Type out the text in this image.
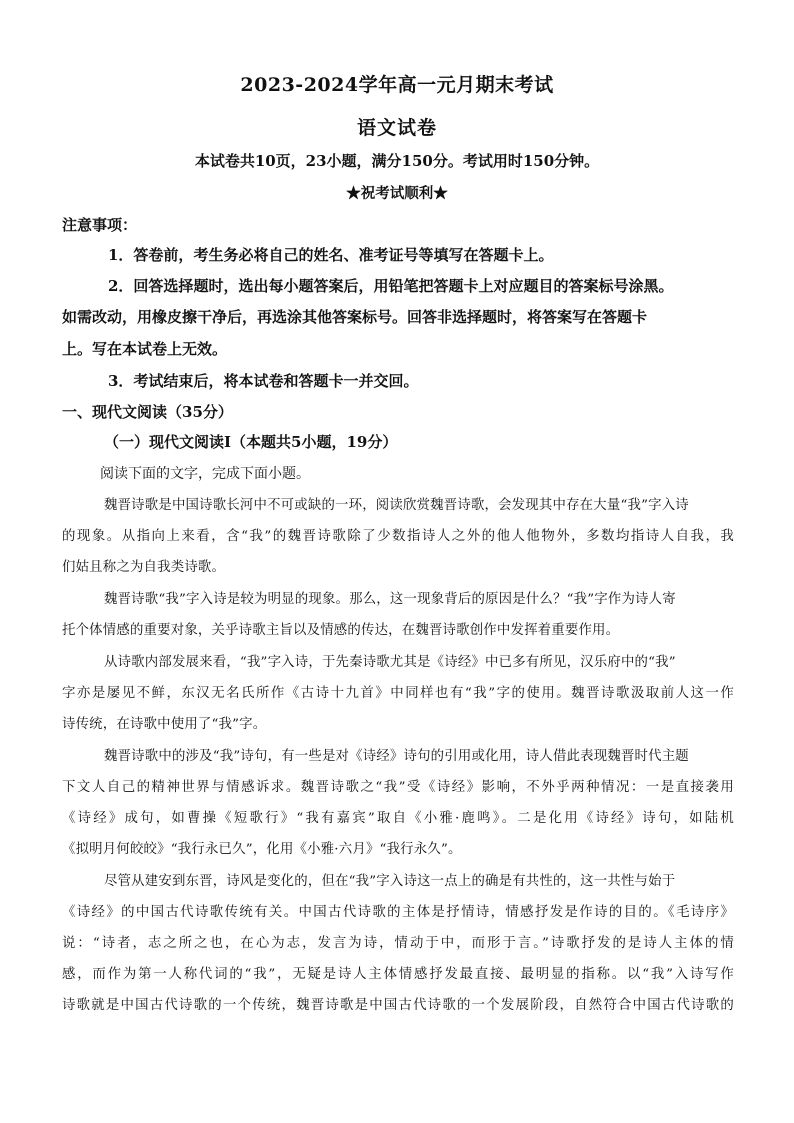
2023-2024学年高一元月期末考试
语文试卷
本试卷共10页，23小题，满分150分。考试用时150分钟。
★祝考试顺利★
注意事项：
1．答卷前，考生务必将自己的姓名、准考证号等填写在答题卡上。
2．回答选择题时，选出每小题答案后，用铅笔把答题卡上对应题目的答案标号涂黑。
如需改动，用橡皮擦干净后，再选涂其他答案标号。回答非选择题时，将答案写在答题卡
上。写在本试卷上无效。
3．考试结束后，将本试卷和答题卡一并交回。
一、现代文阅读（35分）
（一）现代文阅读Ⅰ（本题共5小题，19分）
阅读下面的文字，完成下面小题。
魏晋诗歌是中国诗歌长河中不可或缺的一环，阅读欣赏魏晋诗歌，会发现其中存在大量“我”字入诗
的现象。从指向上来看，含“我”的魏晋诗歌除了少数指诗人之外的他人他物外，多数均指诗人自我，我
们姑且称之为自我类诗歌。
魏晋诗歌“我”字入诗是较为明显的现象。那么，这一现象背后的原因是什么？“我”字作为诗人寄
托个体情感的重要对象，关乎诗歌主旨以及情感的传达，在魏晋诗歌创作中发挥着重要作用。
从诗歌内部发展来看，“我”字入诗，于先秦诗歌尤其是《诗经》中已多有所见，汉乐府中的“我”
字亦是屡见不鲜，东汉无名氏所作《古诗十九首》中同样也有“我”字的使用。魏晋诗歌汲取前人这一作
诗传统，在诗歌中使用了“我”字。
魏晋诗歌中的涉及“我”诗句，有一些是对《诗经》诗句的引用或化用，诗人借此表现魏晋时代主题
下文人自己的精神世界与情感诉求。魏晋诗歌之“我”受《诗经》影响，不外乎两种情况：一是直接袭用
《诗经》成句，如曹操《短歌行》“我有嘉宾”取自《小雅·鹿鸣》。二是化用《诗经》诗句，如陆机
《拟明月何皎皎》“我行永已久”，化用《小雅·六月》“我行永久”。
尽管从建安到东晋，诗风是变化的，但在“我”字入诗这一点上的确是有共性的，这一共性与始于
《诗经》的中国古代诗歌传统有关。中国古代诗歌的主体是抒情诗，情感抒发是作诗的目的。《毛诗序》
说：“诗者，志之所之也，在心为志，发言为诗，情动于中，而形于言。”诗歌抒发的是诗人主体的情
感，而作为第一人称代词的“我”，无疑是诗人主体情感抒发最直接、最明显的指称。以“我”入诗写作
诗歌就是中国古代诗歌的一个传统，魏晋诗歌是中国古代诗歌的一个发展阶段，自然符合中国古代诗歌的
